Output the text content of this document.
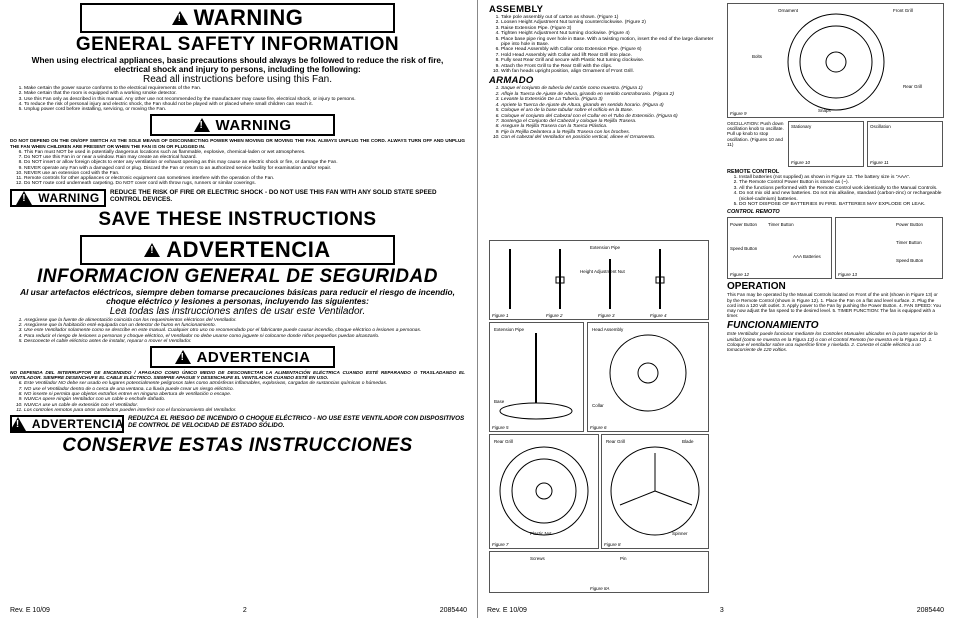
!
WARNING
GENERAL SAFETY INFORMATION
When using electrical appliances, basic precautions should always be followed to reduce the risk of fire, electrical shock and injury to persons, including the following:
Read all instructions before using this Fan.
1. Make certain the power source conforms to the electrical requirements of the Fan.
2. Make certain that the room is equipped with a working smoke detector.
3. Use this Fan only as described in this manual. Any other use not recommended by the manufacturer may cause fire, electrical shock, or injury to persons.
4. To reduce the risk of personal injury and electric shock, the Fan should not be played with or placed where small children can reach it.
5. Unplug power cord before installing, servicing, or moving the Fan.
!
WARNING
DO NOT DEPEND ON THE ON/OFF SWITCH AS THE SOLE MEANS OF DISCONNECTING POWER WHEN MOVING OR MOVING THE FAN. ALWAYS UNPLUG THE CORD. ALWAYS TURN OFF AND UNPLUG THE FAN WHEN CHILDREN ARE PRESENT OR WHEN THE FAN IS ON OR PLUGGED IN.
6. This Fan must NOT be used in potentially dangerous locations such as flammable, explosive, chemical-laden or wet atmospheres.
7. Do NOT use this Fan in or near a window. Rain may create an electrical hazard.
8. Do NOT insert or allow foreign objects to enter any ventilation or exhaust opening as this may cause an electric shock or fire, or damage the Fan.
9. NEVER operate any Fan with a damaged cord or plug. Discard the Fan or return to an authorized service facility for examination and/or repair.
10. NEVER use an extension cord with the Fan.
11. Remote controls for other appliances or electronic equipment can sometimes interfere with the operation of the Fan.
12. Do NOT route cord underneath carpeting. Do NOT cover cord with throw rugs, runners or similar coverings.
!
WARNING REDUCE THE RISK OF FIRE OR ELECTRIC SHOCK - DO NOT USE THIS FAN WITH ANY SOLID STATE SPEED CONTROL DEVICES.
SAVE THESE INSTRUCTIONS
!
ADVERTENCIA
INFORMACION GENERAL DE SEGURIDAD
Al usar artefactos eléctricos, siempre deben tomarse precauciones básicas para reducir el riesgo de incendio, choque eléctrico y lesiones a personas, incluyendo las siguientes:
Lea todas las instrucciones antes de usar este Ventilador.
1. Asegúrese que la fuente de alimentación coincida con los requerimientos eléctricos del Ventilador.
2. Asegúrese que la habitación esté equipada con un detector de humo en funcionamiento.
3. Use este Ventilador solamente como se describe en este manual. Cualquier otro uso no recomendado por el fabricante puede causar incendio, choque eléctrico o lesiones a personas.
4. Para reducir el riesgo de lesiones a personas y choque eléctrico, el Ventilador no debe usarse como juguete ni colocarse donde niños pequeños puedan alcanzarlo.
5. Desconecte el cable eléctrico antes de instalar, reparar o mover el Ventilador.
!
ADVERTENCIA
NO DEPENDA DEL INTERRUPTOR DE ENCENDIDO / APAGADO COMO ÚNICO MEDIO DE DESCONECTAR LA ALIMENTACIÓN ELÉCTRICA CUANDO ESTÉ REPARANDO O TRASLADANDO EL VENTILADOR. SIEMPRE DESENCHUFE EL CABLE ELÉCTRICO. SIEMPRE APAGUE Y DESENCHUFE EL VENTILADOR CUANDO ESTÉ EN USO.
6. Este Ventilador NO debe ser usado en lugares potencialmente peligrosos tales como atmósferas inflamables, explosivas, cargadas de sustancias químicas o húmedas.
7. NO use el Ventilador dentro de o cerca de una ventana. La lluvia puede crear un riesgo eléctrico.
8. NO inserte ni permita que objetos extraños entren en ninguna abertura de ventilación o escape.
9. NUNCA opere ningún Ventilador con un cable o enchufe dañado.
10. NUNCA use un cable de extensión con el Ventilador.
11. Los controles remotos para otros artefactos pueden interferir con el funcionamiento del Ventilador.
!
ADVERTENCIA REDUZCA EL RIESGO DE INCENDIO O CHOQUE ELÉCTRICO - NO USE ESTE VENTILADOR CON DISPOSITIVOS DE CONTROL DE VELOCIDAD DE ESTADO SÓLIDO.
CONSERVE ESTAS INSTRUCCIONES
Rev. E 10/09	2	2085440
ASSEMBLY
1. Take pole assembly out of carton as shown. (Figure 1)
2. Loosen Height Adjustment Nut turning counterclockwise. (Figure 2)
3. Raise Extension Pipe. (Figure 3)
4. Tighten Height Adjustment Nut turning clockwise. (Figure 4)
5. Place base pipe ring over hole in Base. With a twisting motion, insert the end of the large diameter pipe into hole in Base.
6. Place Head Assembly with Collar onto Extension Pipe. (Figure 6)
7. Hold Head Assembly with Collar and lift Rear Grill into place.
8. Fully seat Rear Grill and secure with Plastic Nut turning clockwise.
9. Attach the Front Grill to the Rear Grill with the clips.
10. With fan heads upright position, align Ornament of Front Grill.
ARMADO
1. Saque el conjunto de tubería del cartón como muestra. (Figura 1)
2. Afloje la Tuerca de Ajuste de Altura, girando en sentido contrahorario. (Figura 2)
3. Levante la Extensión De La Tubería. (Figura 3)
4. Apriete la Tuerca de Ajuste de Altura, girando en sentido horario. (Figura 4)
5. Coloque el aro de la base tubular sobre el orificio en la Base.
6. Coloque el conjunto del Cabezal con el Collar en el Tubo de Extensión. (Figura 6)
7. Sostenga el Conjunto del Cabezal y coloque la Rejilla Trasera.
8. Asegure la Rejilla Trasera con la Tuerca Plástica.
9. Fije la Rejilla Delantera a la Rejilla Trasera con los broches.
10. Con el cabezal del Ventilador en posición vertical, alinee el Ornamento.
Extension Pipe
Height Adjustment Nut
Figure 1	Figure 2	Figure 3	Figure 4
Extension Pipe
Base
Figure 5
Head Assembly
Collar
Figure 6
Rear Grill
Plastic Nut
Figure 7
Rear Grill	Blade
Spinner
Figure 8
Screws	Pin
Figure 8A
Ornament	Front Grill
Bolts
Snaps
Rear Grill
Figure 9
OSCILLATION: Push down oscillation knob to oscillate. Pull up knob to stop oscillation. (Figures 10 and 11)
Stationary
Figure 10
Oscillation
Figure 11
REMOTE CONTROL
1. Install batteries (not supplied) as shown in Figure 12. The battery size is "AAA".
2. The Remote Control Power Button is stored as (~).
3. All the functions performed with the Remote Control work identically to the Manual Controls.
4. Do not mix old and new batteries. Do not mix alkaline, standard (carbon-zinc) or rechargeable (nickel-cadmium) batteries.
5. DO NOT DISPOSE OF BATTERIES IN FIRE. BATTERIES MAY EXPLODE OR LEAK.
CONTROL REMOTO
Power Button Timer Button
Speed Button
AAA Batteries
Figure 12
Power Button
Timer Button
Speed Button
Figure 13
OPERATION
This Fan may be operated by the Manual Controls located on Front of the unit (shown in Figure 13) or by the Remote Control (shown in Figure 12). 1. Place the Fan on a flat and level surface. 2. Plug the cord into a 120 volt outlet. 3. Apply power to the Fan by pushing the Power Button. 4. FAN SPEED: You may now adjust the fan speed to the desired level. 5. TIMER FUNCTION: The fan is equipped with a timer.
FUNCIONAMIENTO
Este Ventilador puede funcionar mediante los Controles Manuales ubicados en la parte superior de la unidad (como se muestra en la Figura 13) o con el Control Remoto (se muestra en la Figura 12). 1. Coloque el ventilador sobre una superficie firme y nivelada. 2. Conecte el cable eléctrico a un tomacorriente de 120 voltios.
Rev. E 10/09	3	2085440
